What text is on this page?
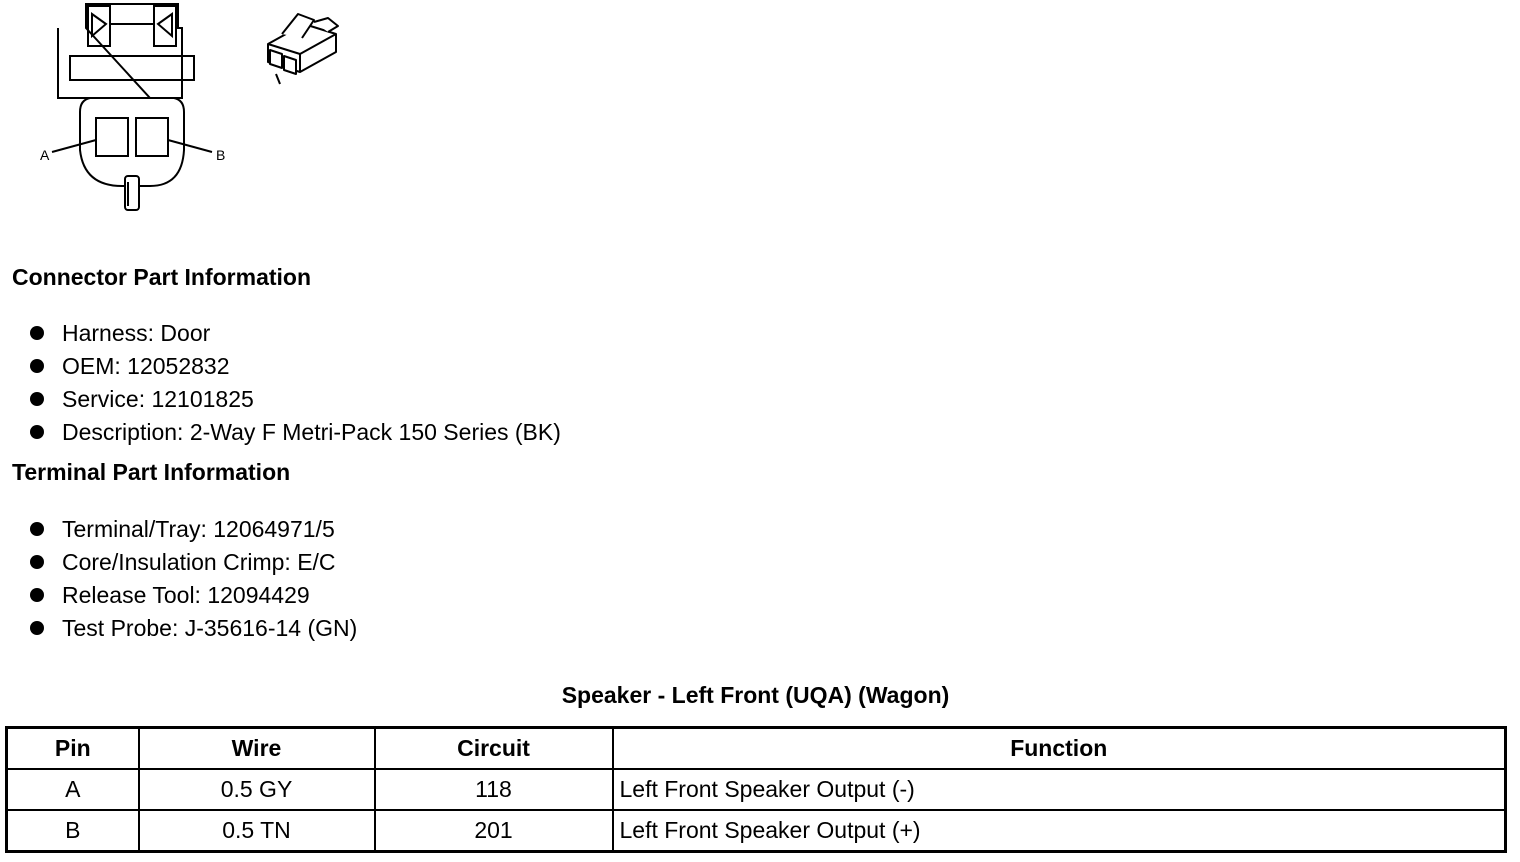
A	B
Connector Part Information
Harness: Door
OEM: 12052832
Service: 12101825
Description: 2-Way F Metri-Pack 150 Series (BK)
Terminal Part Information
Terminal/Tray: 12064971/5
Core/Insulation Crimp: E/C
Release Tool: 12094429
Test Probe: J-35616-14 (GN)
Speaker - Left Front (UQA) (Wagon)
Pin	Wire	Circuit	Function
A	0.5 GY	118	Left Front Speaker Output (-)
B	0.5 TN	201	Left Front Speaker Output (+)
